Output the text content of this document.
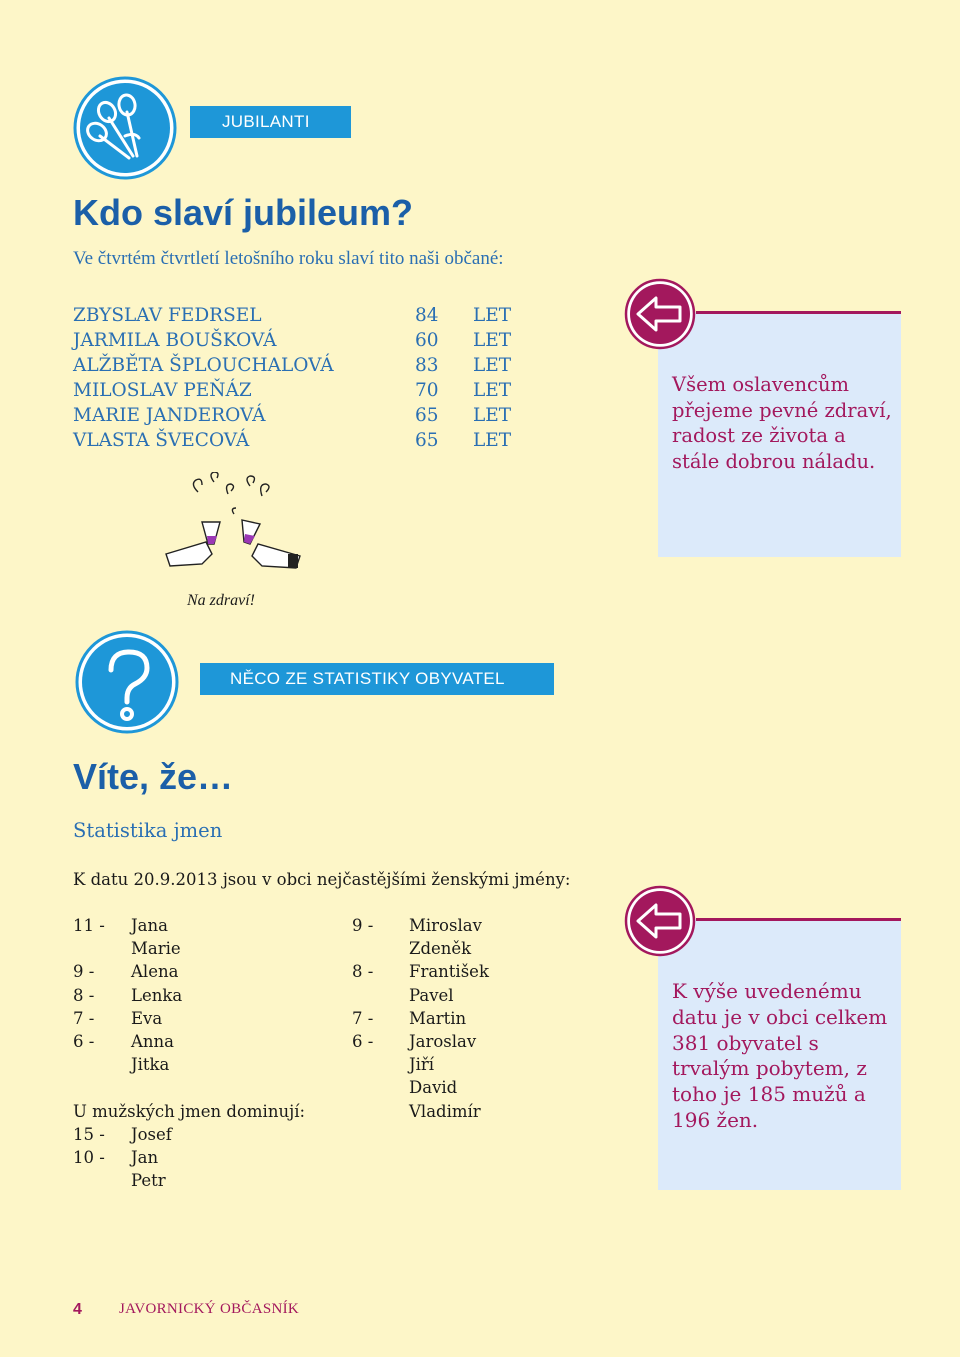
JUBILANTI
Kdo slaví jubileum?
Ve čtvrtém čtvrtletí letošního roku slaví tito naši občané:
ZBYSLAV FEDRSEL	84 LET
JARMILA BOUŠKOVÁ	60 LET
ALŽBĚTA ŠPLOUCHALOVÁ	83 LET
MILOSLAV PEŇÁZ	70 LET
MARIE JANDEROVÁ	65 LET
VLASTA ŠVECOVÁ	65 LET
Na zdraví!
Všem oslavencům přejeme pevné zdraví, radost ze života a stále dobrou náladu.
NĚCO ZE STATISTIKY OBYVATEL
Víte, že…
Statistika jmen
K datu 20.9.2013 jsou v obci nejčastějšími ženskými jmény:
11 - Jana
Marie
9 - Alena
8 - Lenka
7 - Eva
6 - Anna
Jitka
U mužských jmen dominují:
15 - Josef
10 - Jan
Petr
9 - Miroslav
Zdeněk
8 - František
Pavel
7 - Martin
6 - Jaroslav
Jiří
David
Vladimír
K výše uvedenému datu je v obci celkem 381 obyvatel s trvalým pobytem, z toho je 185 mužů a 196 žen.
4 JAVORNICKÝ OBČASNÍK
